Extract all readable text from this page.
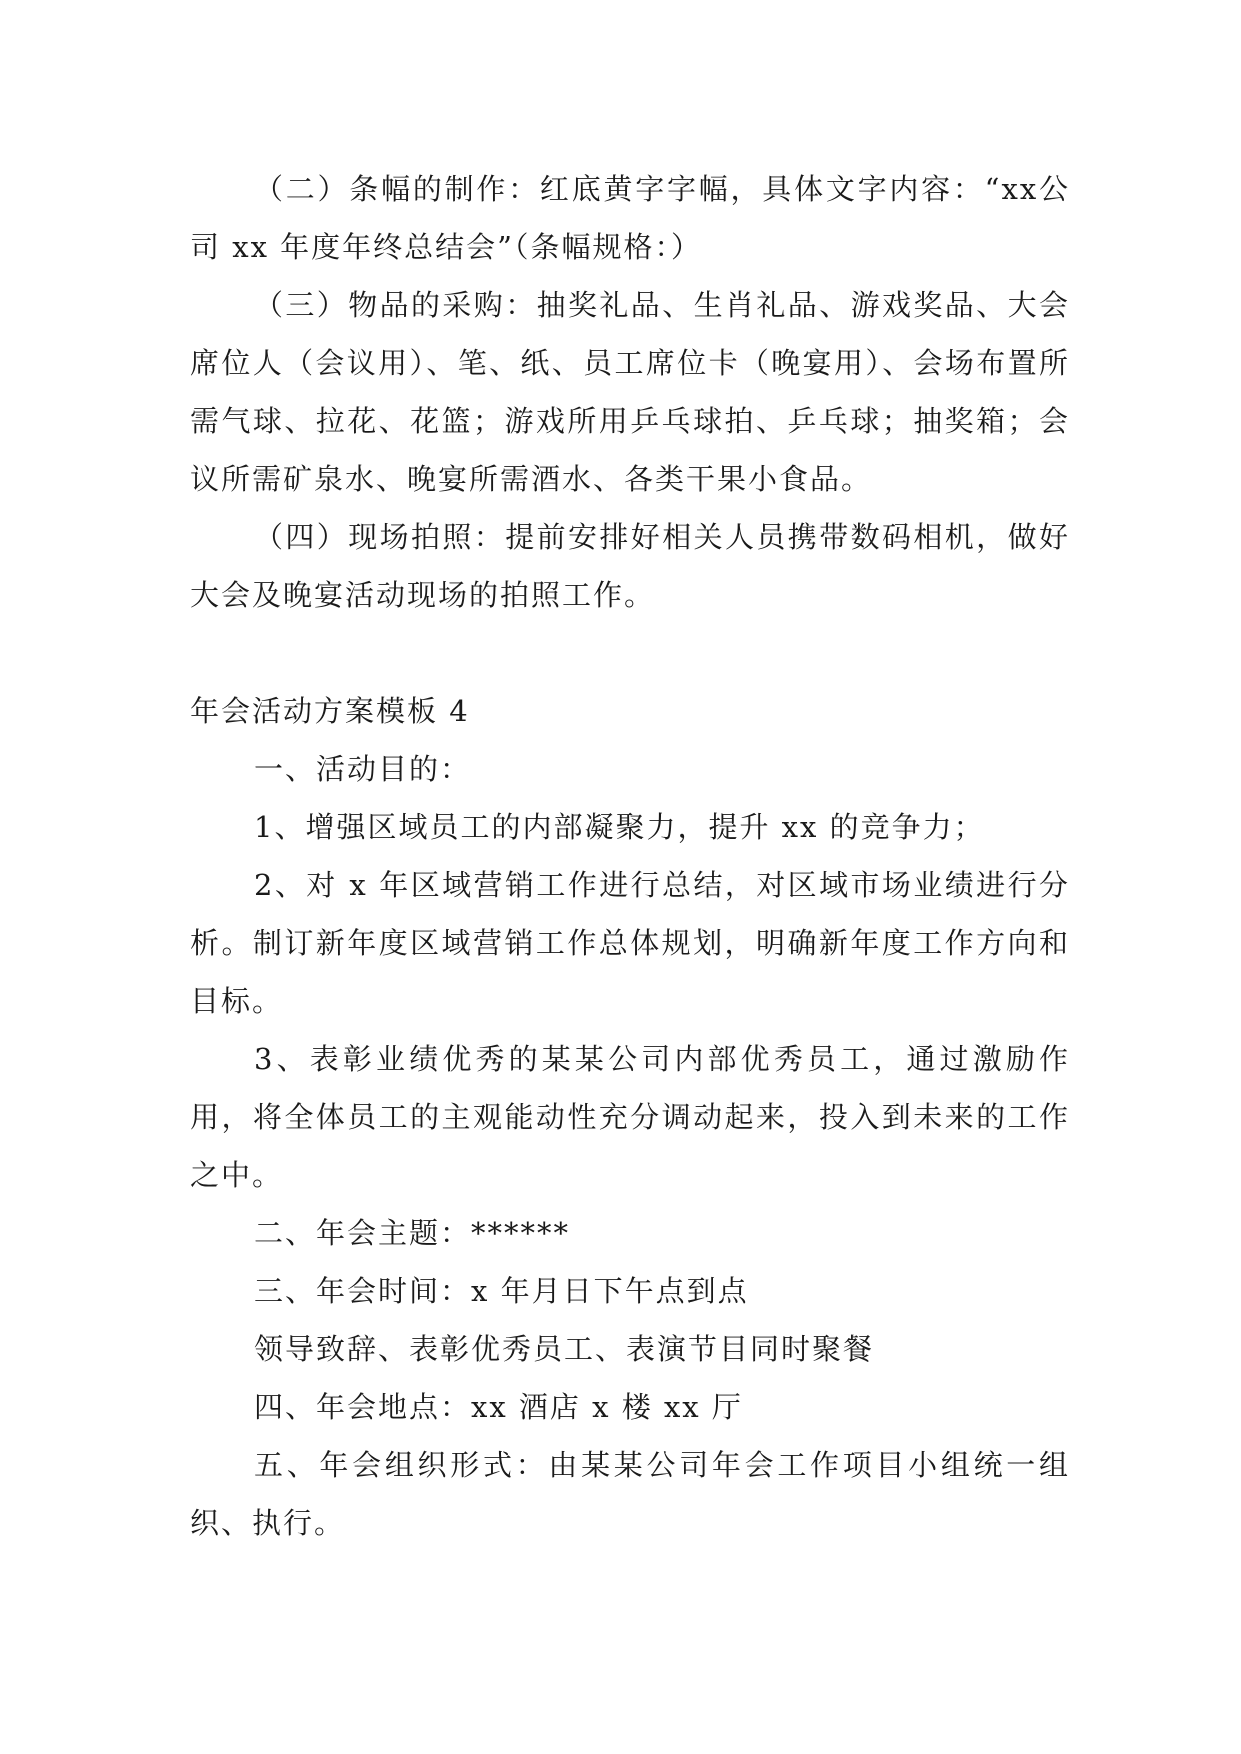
（二）条幅的制作：红底黄字字幅，具体文字内容：“xx公司 xx 年度年终总结会”（条幅规格：）

（三）物品的采购：抽奖礼品、生肖礼品、游戏奖品、大会席位人（会议用）、笔、纸、员工席位卡（晚宴用）、会场布置所需气球、拉花、花篮；游戏所用乒乓球拍、乒乓球；抽奖箱；会议所需矿泉水、晚宴所需酒水、各类干果小食品。

（四）现场拍照：提前安排好相关人员携带数码相机，做好大会及晚宴活动现场的拍照工作。

年会活动方案模板 4

一、活动目的：

1、增强区域员工的内部凝聚力，提升 xx 的竞争力；

2、对 x 年区域营销工作进行总结，对区域市场业绩进行分析。制订新年度区域营销工作总体规划，明确新年度工作方向和目标。

3、表彰业绩优秀的某某公司内部优秀员工，通过激励作用，将全体员工的主观能动性充分调动起来，投入到未来的工作之中。

二、年会主题：******

三、年会时间：x 年月日下午点到点

领导致辞、表彰优秀员工、表演节目同时聚餐

四、年会地点：xx 酒店 x 楼 xx 厅

五、年会组织形式：由某某公司年会工作项目小组统一组织、执行。
